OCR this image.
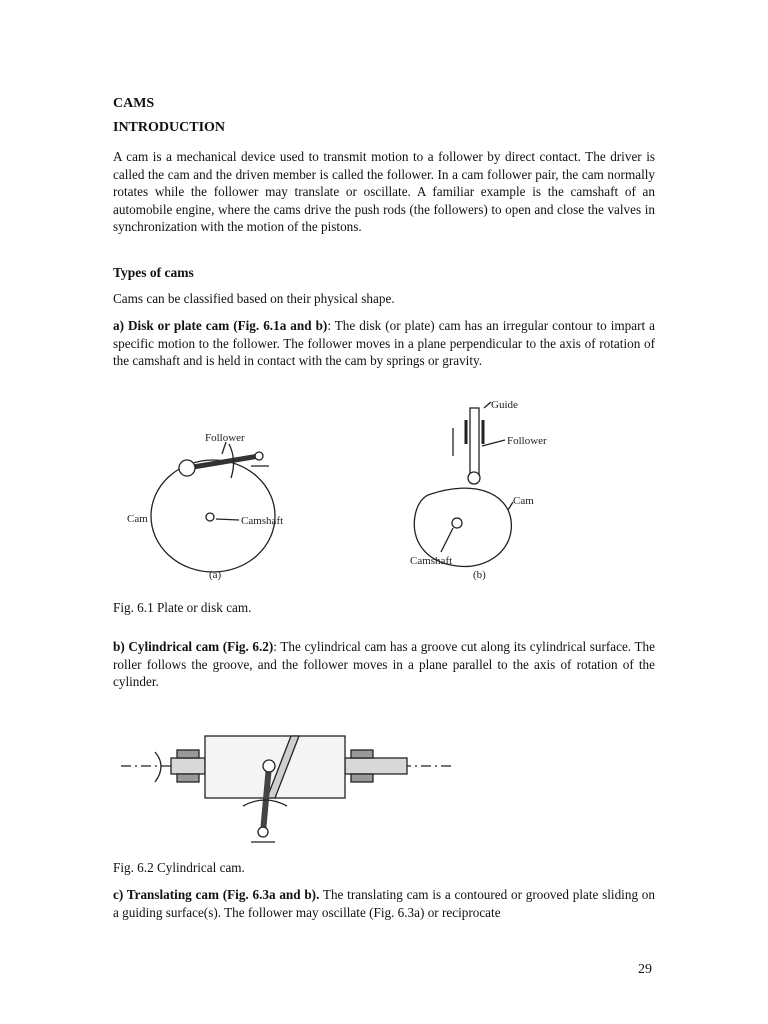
CAMS
INTRODUCTION
A cam is a mechanical device used to transmit motion to a follower by direct contact. The driver is called the cam and the driven member is called the follower. In a cam follower pair, the cam normally rotates while the follower may translate or oscillate. A familiar example is the camshaft of an automobile engine, where the cams drive the push rods (the followers) to open and close the valves in synchronization with the motion of the pistons.
Types of cams
Cams can be classified based on their physical shape.
a) Disk or plate cam (Fig. 6.1a and b): The disk (or plate) cam has an irregular contour to impart a specific motion to the follower. The follower moves in a plane perpendicular to the axis of rotation of the camshaft and is held in contact with the cam by springs or gravity.
Follower
Cam	Camshaft
(a)
Guide
Follower
Cam
Camshaft
(b)
Fig. 6.1 Plate or disk cam.
b) Cylindrical cam (Fig. 6.2): The cylindrical cam has a groove cut along its cylindrical surface. The roller follows the groove, and the follower moves in a plane parallel to the axis of rotation of the cylinder.
Fig. 6.2 Cylindrical cam.
c) Translating cam (Fig. 6.3a and b). The translating cam is a contoured or grooved plate sliding on a guiding surface(s). The follower may oscillate (Fig. 6.3a) or reciprocate
29
